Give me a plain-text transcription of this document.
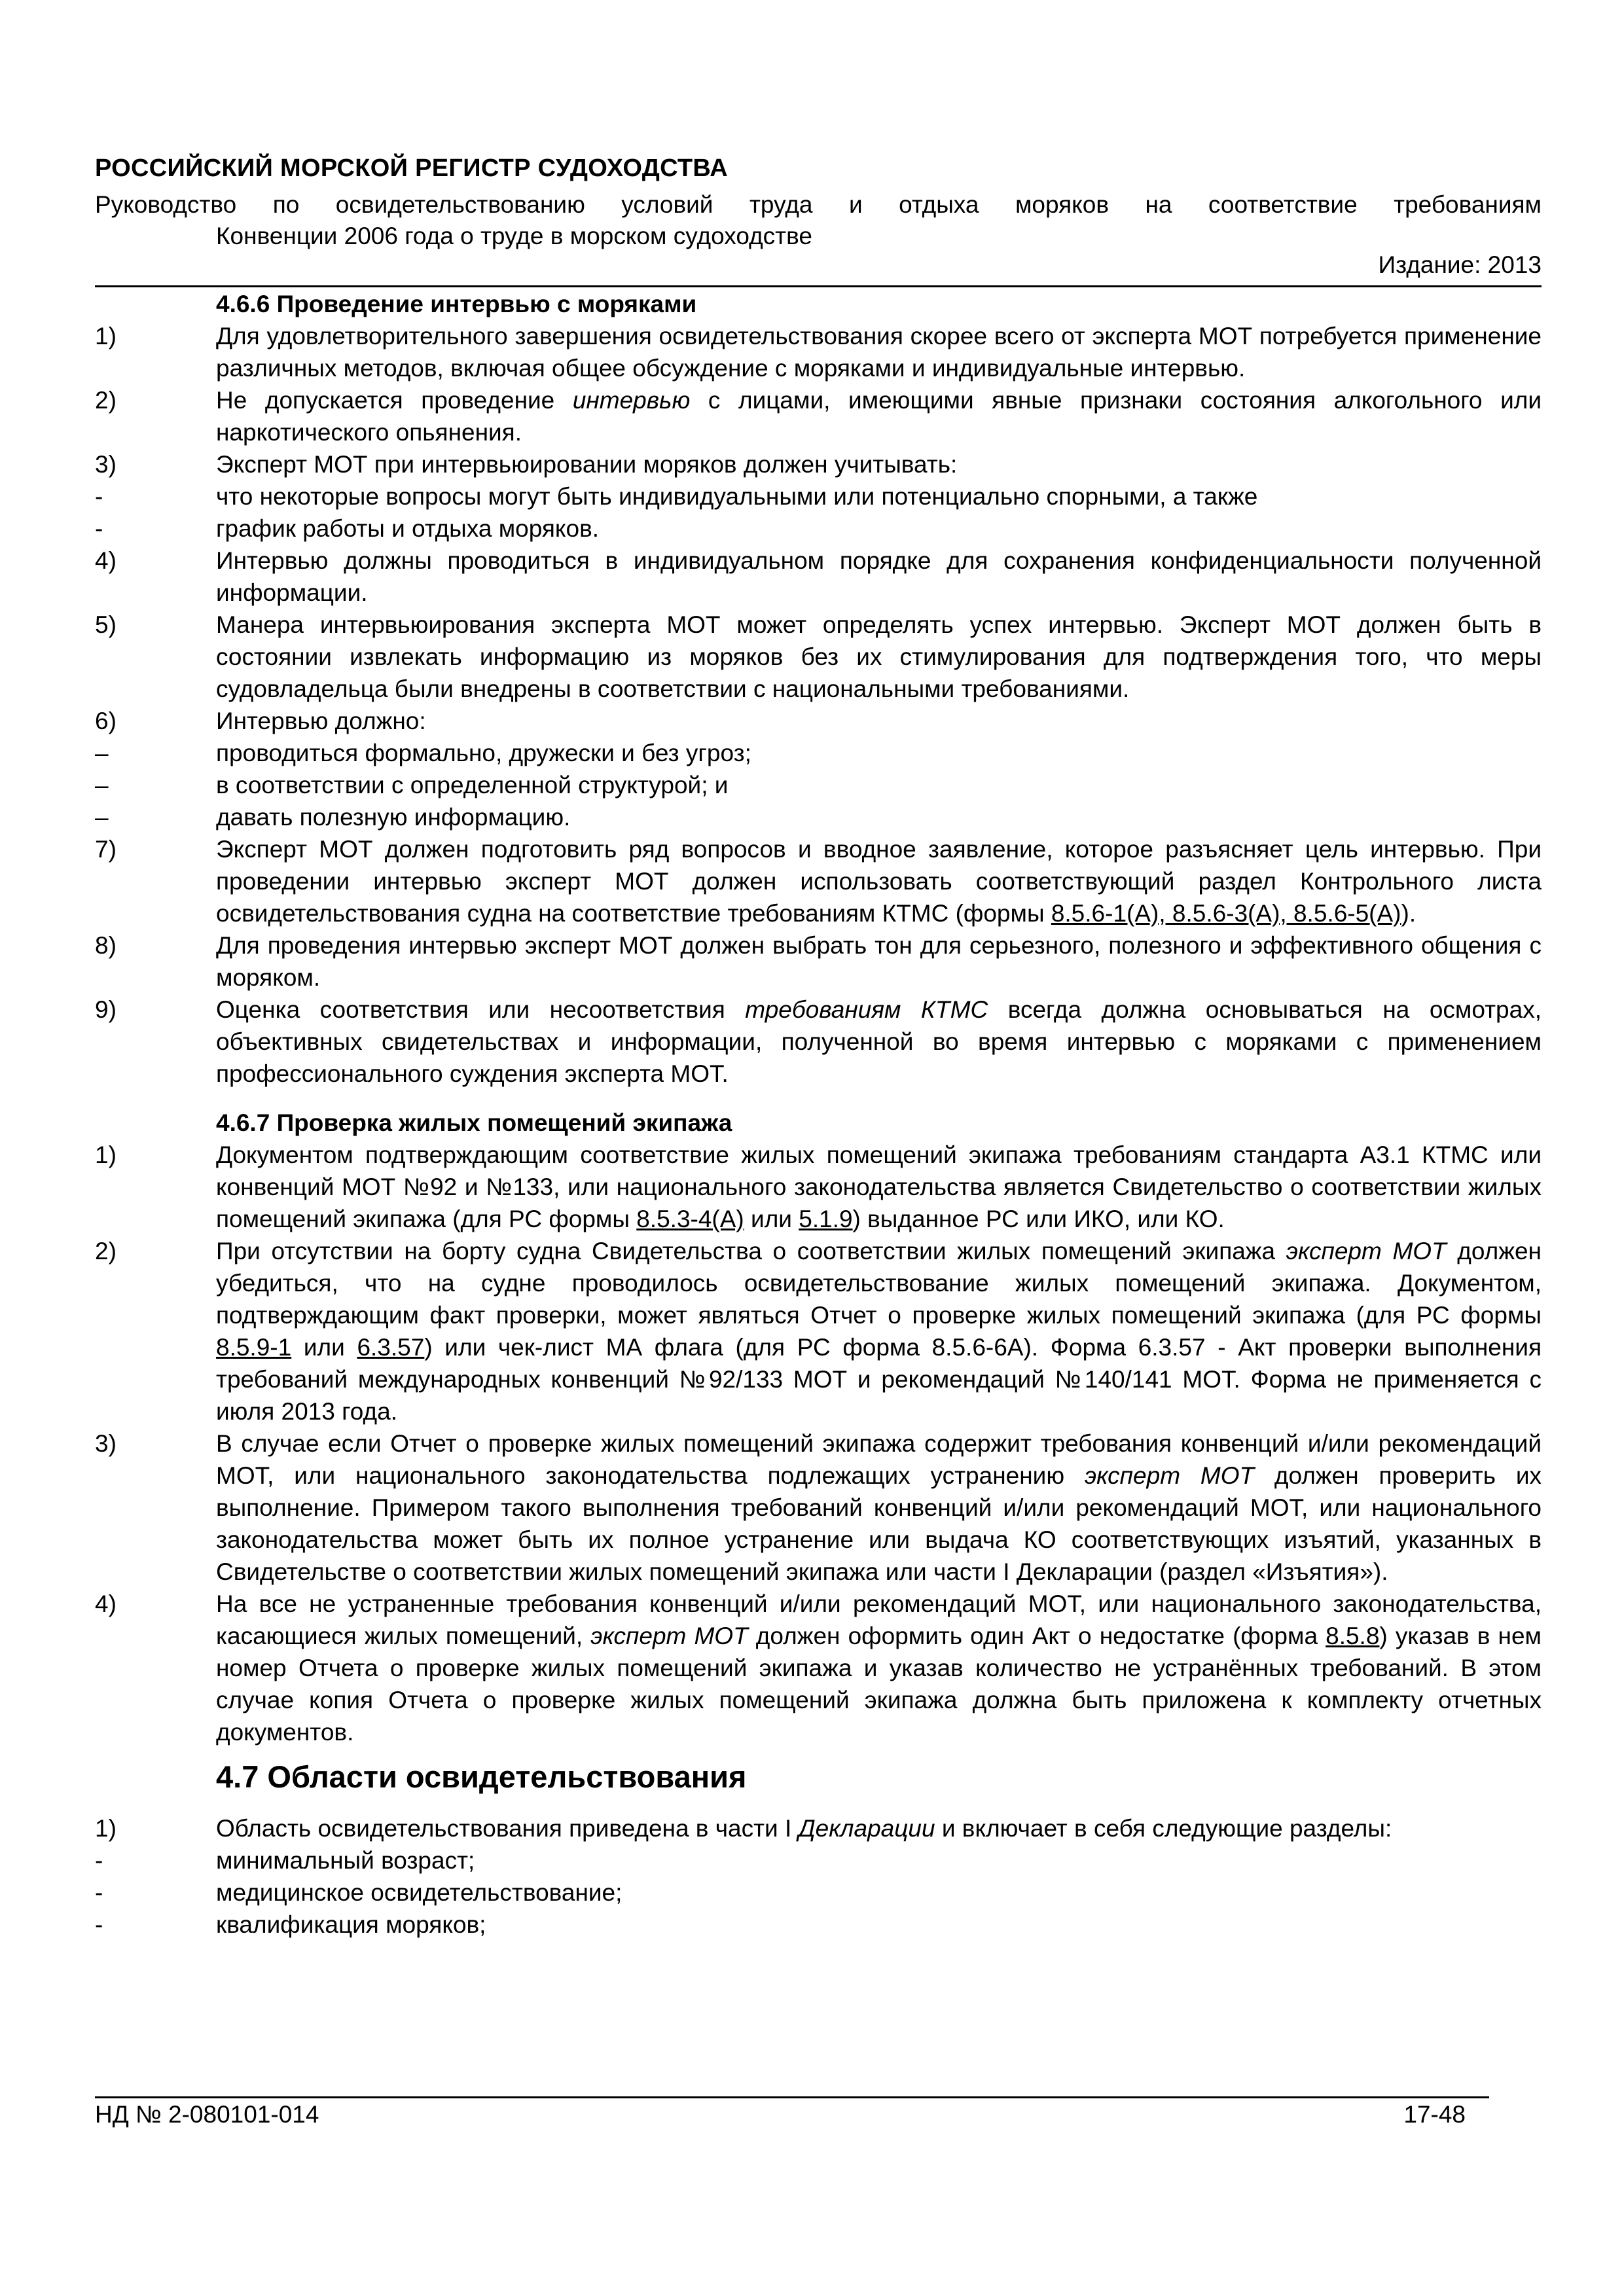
РОССИЙСКИЙ МОРСКОЙ РЕГИСТР СУДОХОДСТВА
Руководство по освидетельствованию условий труда и отдыха моряков на соответствие требованиям
Конвенции 2006 года о труде в морском судоходстве
Издание: 2013
4.6.6 Проведение интервью с моряками
1)	Для удовлетворительного завершения освидетельствования скорее всего от эксперта МОТ потребуется применение различных методов, включая общее обсуждение с моряками и индивидуальные интервью.
2)	Не допускается проведение интервью с лицами, имеющими явные признаки состояния алкогольного или наркотического опьянения.
3)	Эксперт МОТ при интервьюировании моряков должен учитывать:
-	что некоторые вопросы могут быть индивидуальными или потенциально спорными, а также
-	график работы и отдыха моряков.
4)	Интервью должны проводиться в индивидуальном порядке для сохранения конфиденциальности полученной информации.
5)	Манера интервьюирования эксперта МОТ может определять успех интервью. Эксперт МОТ должен быть в состоянии извлекать информацию из моряков без их стимулирования для подтверждения того, что меры судовладельца были внедрены в соответствии с национальными требованиями.
6)	Интервью должно:
–	проводиться формально, дружески и без угроз;
–	в соответствии с определенной структурой; и
–	давать полезную информацию.
7)	Эксперт МОТ должен подготовить ряд вопросов и вводное заявление, которое разъясняет цель интервью. При проведении интервью эксперт МОТ должен использовать соответствующий раздел Контрольного листа освидетельствования судна на соответствие требованиям КТМС (формы 8.5.6-1(A), 8.5.6-3(A), 8.5.6-5(A)).
8)	Для проведения интервью эксперт МОТ должен выбрать тон для серьезного, полезного и эффективного общения с моряком.
9)	Оценка соответствия или несоответствия требованиям КТМС всегда должна основываться на осмотрах, объективных свидетельствах и информации, полученной во время интервью с моряками с применением профессионального суждения эксперта МОТ.
4.6.7 Проверка жилых помещений экипажа
1)	Документом подтверждающим соответствие жилых помещений экипажа требованиям стандарта A3.1 КТМС или конвенций МОТ №92 и №133, или национального законодательства является Свидетельство о соответствии жилых помещений экипажа (для РС формы 8.5.3-4(A) или 5.1.9) выданное РС или ИКО, или КО.
2)	При отсутствии на борту судна Свидетельства о соответствии жилых помещений экипажа эксперт МОТ должен убедиться, что на судне проводилось освидетельствование жилых помещений экипажа. Документом, подтверждающим факт проверки, может являться Отчет о проверке жилых помещений экипажа (для РС формы 8.5.9-1 или 6.3.57) или чек-лист МА флага (для РС форма 8.5.6-6А). Форма 6.3.57 - Акт проверки выполнения требований международных конвенций №92/133 МОТ и рекомендаций №140/141 МОТ. Форма не применяется с июля 2013 года.
3)	В случае если Отчет о проверке жилых помещений экипажа содержит требования конвенций и/или рекомендаций МОТ, или национального законодательства подлежащих устранению эксперт МОТ должен проверить их выполнение. Примером такого выполнения требований конвенций и/или рекомендаций МОТ, или национального законодательства может быть их полное устранение или выдача КО соответствующих изъятий, указанных в Свидетельстве о соответствии жилых помещений экипажа или части I Декларации (раздел «Изъятия»).
4)	На все не устраненные требования конвенций и/или рекомендаций МОТ, или национального законодательства, касающиеся жилых помещений, эксперт МОТ должен оформить один Акт о недостатке (форма 8.5.8) указав в нем номер Отчета о проверке жилых помещений экипажа и указав количество не устранённых требований. В этом случае копия Отчета о проверке жилых помещений экипажа должна быть приложена к комплекту отчетных документов.
4.7 Области освидетельствования
1)	Область освидетельствования приведена в части I Декларации и включает в себя следующие разделы:
-	минимальный возраст;
-	медицинское освидетельствование;
-	квалификация моряков;
НД № 2-080101-014	17-48
